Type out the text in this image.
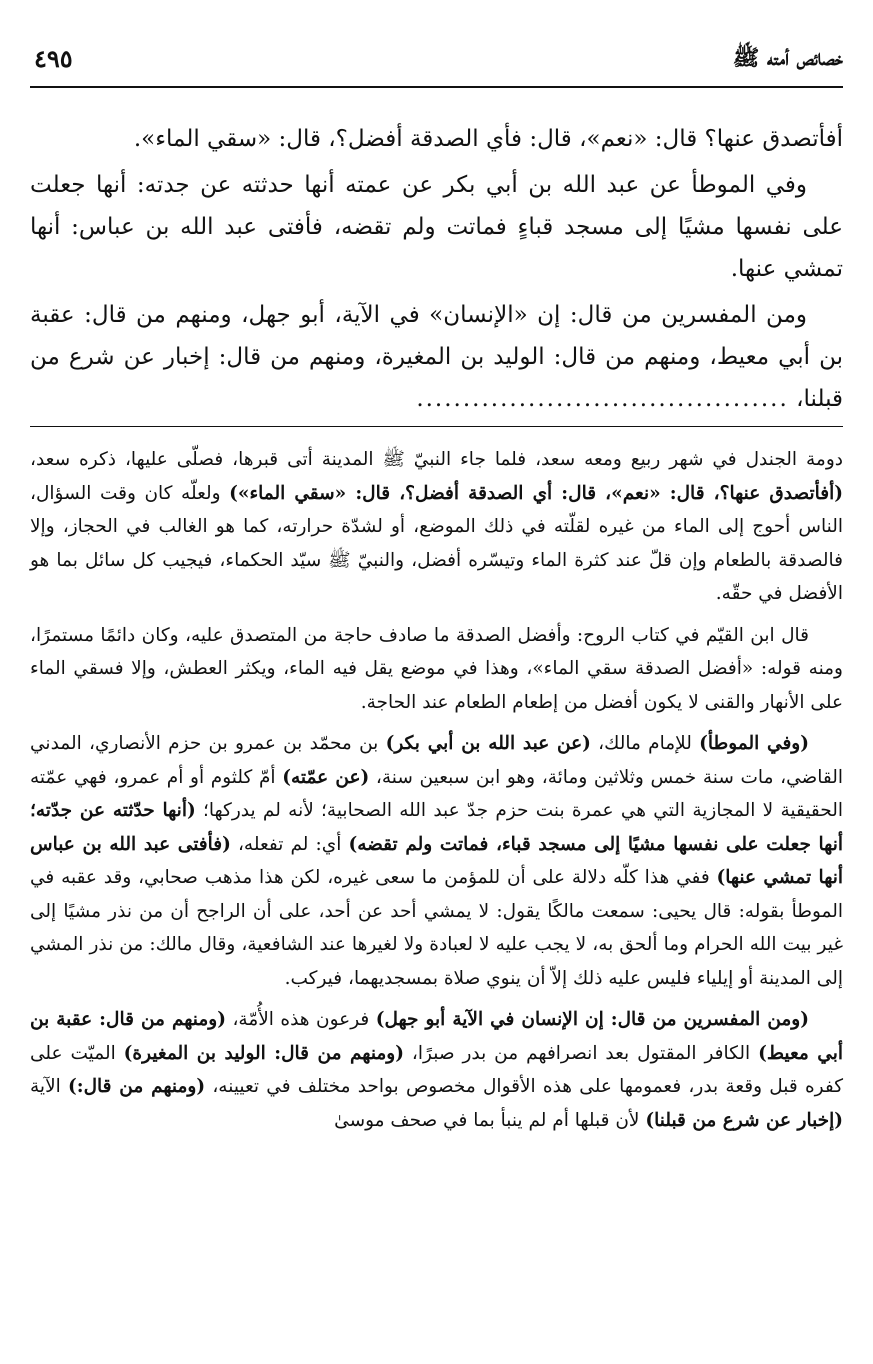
خصائص أمته ﷺ
٤٩٥

أفأتصدق عنها؟ قال: «نعم»، قال: فأي الصدقة أفضل؟، قال: «سقي الماء».

وفي الموطأ عن عبد الله بن أبي بكر عن عمته أنها حدثته عن جدته: أنها جعلت على نفسها مشيًا إلى مسجد قباءٍ فماتت ولم تقضه، فأفتى عبد الله بن عباس: أنها تمشي عنها.

ومن المفسرين من قال: إن «الإنسان» في الآية، أبو جهل، ومنهم من قال: عقبة بن أبي معيط، ومنهم من قال: الوليد بن المغيرة، ومنهم من قال: إخبار عن شرع من قبلنا، ........................................

دومة الجندل في شهر ربيع ومعه سعد، فلما جاء النبيّ ﷺ المدينة أتى قبرها، فصلّى عليها، ذكره سعد، (أفأتصدق عنها؟، قال: «نعم»، قال: أي الصدقة أفضل؟، قال: «سقي الماء») ولعلّه كان وقت السؤال، الناس أحوج إلى الماء من غيره لقلّته في ذلك الموضع، أو لشدّة حرارته، كما هو الغالب في الحجاز، وإلا فالصدقة بالطعام وإن قلّ عند كثرة الماء وتيسّره أفضل، والنبيّ ﷺ سيّد الحكماء، فيجيب كل سائل بما هو الأفضل في حقّه.

قال ابن القيّم في كتاب الروح: وأفضل الصدقة ما صادف حاجة من المتصدق عليه، وكان دائمًا مستمرًا، ومنه قوله: «أفضل الصدقة سقي الماء»، وهذا في موضع يقل فيه الماء، ويكثر العطش، وإلا فسقي الماء على الأنهار والقنى لا يكون أفضل من إطعام الطعام عند الحاجة.

(وفي الموطأ) للإمام مالك، (عن عبد الله بن أبي بكر) بن محمّد بن عمرو بن حزم الأنصاري، المدني القاضي، مات سنة خمس وثلاثين ومائة، وهو ابن سبعين سنة، (عن عمّته) أمّ كلثوم أو أم عمرو، فهي عمّته الحقيقية لا المجازية التي هي عمرة بنت حزم جدّ عبد الله الصحابية؛ لأنه لم يدركها؛ (أنها حدّثته عن جدّته؛ أنها جعلت على نفسها مشيًا إلى مسجد قباء، فماتت ولم تقضه) أي: لم تفعله، (فأفتى عبد الله بن عباس أنها تمشي عنها) ففي هذا كلّه دلالة على أن للمؤمن ما سعى غيره، لكن هذا مذهب صحابي، وقد عقبه في الموطأ بقوله: قال يحيى: سمعت مالكًا يقول: لا يمشي أحد عن أحد، على أن الراجح أن من نذر مشيًا إلى غير بيت الله الحرام وما ألحق به، لا يجب عليه لا لعبادة ولا لغيرها عند الشافعية، وقال مالك: من نذر المشي إلى المدينة أو إيلياء فليس عليه ذلك إلاّ أن ينوي صلاة بمسجديهما، فيركب.

(ومن المفسرين من قال: إن الإنسان في الآية أبو جهل) فرعون هذه الأُمّة، (ومنهم من قال: عقبة بن أبي معيط) الكافر المقتول بعد انصرافهم من بدر صبرًا، (ومنهم من قال: الوليد بن المغيرة) الميّت على كفره قبل وقعة بدر، فعمومها على هذه الأقوال مخصوص بواحد مختلف في تعيينه، (ومنهم من قال:) الآية (إخبار عن شرع من قبلنا) لأن قبلها أم لم ينبأ بما في صحف موسىٰ
